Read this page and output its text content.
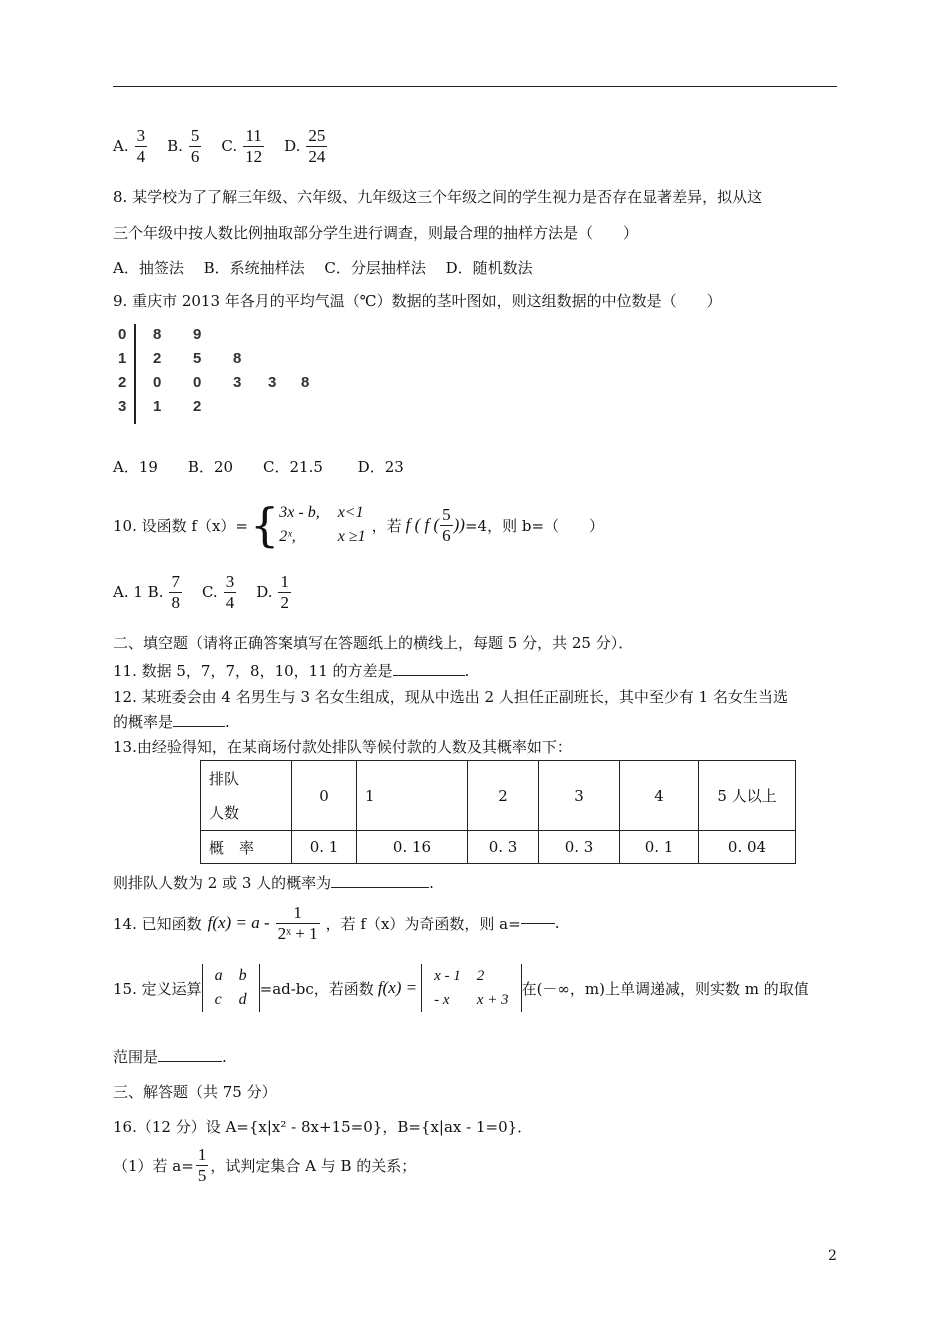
A. $\frac{3}{4} B$. $\frac{5}{6} C$. $\frac{11}{12} D$. $\frac{25}{24}$
8. 某学校为了了解三年级、六年级、九年级这三个年级之间的学生视力是否存在显著差异，拟从这
三个年级中按人数比例抽取部分学生进行调查，则最合理的抽样方法是（　　）
A．抽签法　 B．系统抽样法　 C．分层抽样法　 D．随机数法
9. 重庆市 2013 年各月的平均气温（℃）数据的茎叶图如，则这组数据的中位数是（　　）
0 8 9
1 2 5 8
2 0 0 3 3 8
3 1 2
A．19　　B．20　　C．21.5　　 D．23
10. 设函数 f（x）= { 3x - b, x<1
2ˣ,	x ≥1
，若 f ( f ( $\frac{5}{6}$ )) =4，则 b=（　　）
A. 1 B. $\frac{7}{8} C$. $\frac{3}{4} D$. $\frac{1}{2}$
二、填空题（请将正确答案填写在答题纸上的横线上，每题 5 分，共 25 分）．
11. 数据 5，7，7，8，10，11 的方差是	.
12. 某班委会由 4 名男生与 3 名女生组成，现从中选出 2 人担任正副班长，其中至少有 1 名女生当选
的概率是	.
13.由经验得知，在某商场付款处排队等候付款的人数及其概率如下：
排队
人数	0	1	2	3	4	5 人以上
概　率	0. 1	0. 16	0. 3	0. 3	0. 1	0. 04
则排队人数为 2 或 3 人的概率为	.
14. 已知函数 $f(x) = a - \frac{1}{\text{2ˣ + 1}}$ ，若 f（x）为奇函数，则 a= .
15. 定义运算
a	b
c	d
=ad-bc，若函数 f(x) =
x - 1	2
- x	x + 3
在(－∞，m)上单调递减，则实数 m 的取值
范围是	.
三、解答题（共 75 分）
16.（12 分）设 A={x|x² - 8x+15=0}，B={x|ax - 1=0}．
（1）若 $a= \frac{1}{5}$ ，试判定集合 A 与 B 的关系；
2
